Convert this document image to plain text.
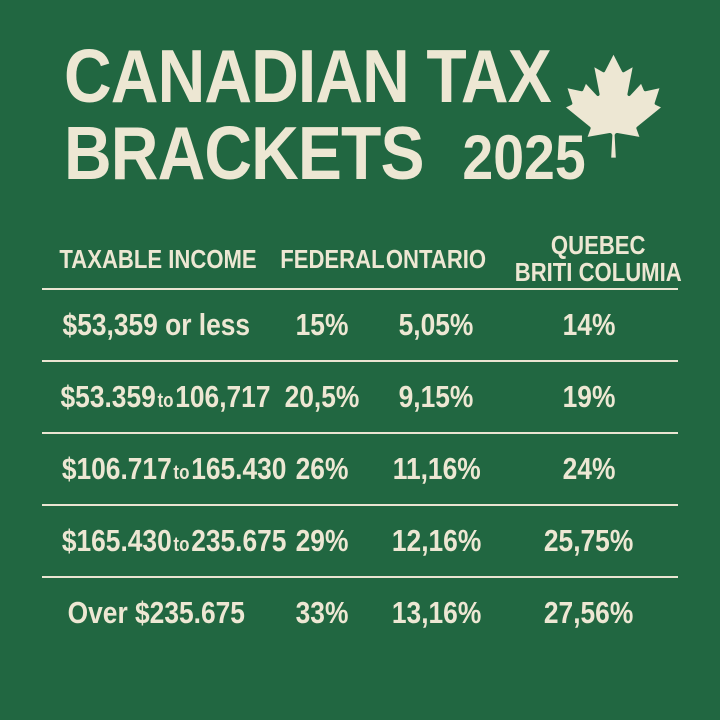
CANADIAN TAX
BRACKETS 2025
TAXABLE INCOME FEDERAL ONTARIO	QUEBEC
BRITI COLUMIA
$53,359 or less	15%	5,05%	14%
$53.359to106,717 20,5%	9,15%	19%
$106.717to165.430 26%	11,16%	24%
$165.430to235.675 29%	12,16%	25,75%
Over $235.675	33%	13,16%	27,56%
